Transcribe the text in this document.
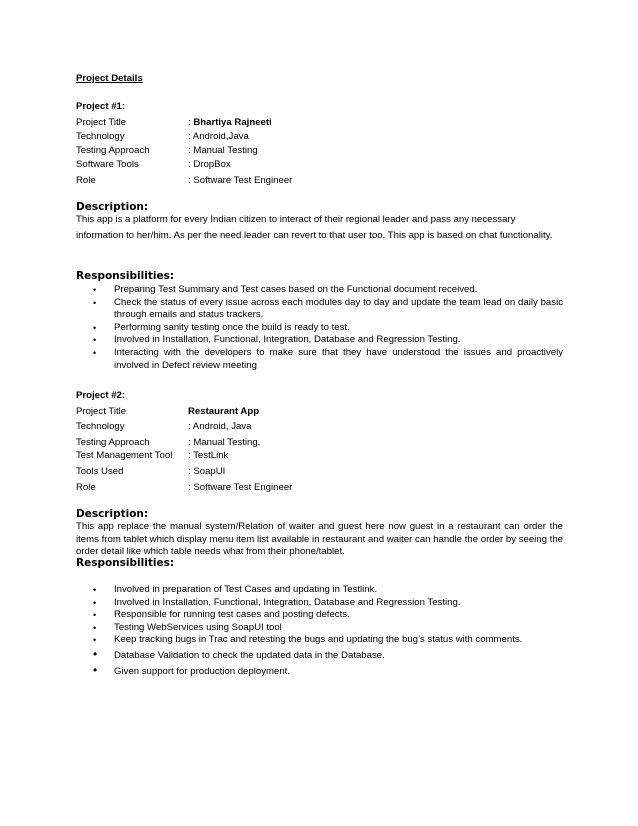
Project Details
Project #1:
Project Title	: Bhartiya Rajneeti
Technology	: Android,Java
Testing Approach	: Manual Testing
Software Tools	: DropBox
Role	: Software Test Engineer
Description:
This app is a platform for every Indian citizen to interact of their regional leader and pass any necessary information to her/him. As per the need leader can revert to that user too. This app is based on chat functionality.
Responsibilities:
• Preparing Test Summary and Test cases based on the Functional document received.
• Check the status of every issue across each modules day to day and update the team lead on daily basic through emails and status trackers.
• Performing sanity testing once the build is ready to test.
• Involved in Installation, Functional, Integration, Database and Regression Testing.
• Interacting with the developers to make sure that they have understood the issues and proactively involved in Defect review meeting
Project #2:
Project Title	Restaurant App
Technology	: Android, Java
Testing Approach	: Manual Testing,
Test Management Tool : TestLink
Tools Used	: SoapUI
Role	: Software Test Engineer
Description:
This app replace the manual system/Relation of waiter and guest here now guest in a restaurant can order the items from tablet which display menu item list available in restaurant and waiter can handle the order by seeing the order detail like which table needs what from their phone/tablet.
Responsibilities:
• Involved in preparation of Test Cases and updating in Testlink.
• Involved in Installation, Functional, Integration, Database and Regression Testing.
• Responsible for running test cases and posting defects.
• Testing WebServices using SoapUI tool
• Keep tracking bugs in Trac and retesting the bugs and updating the bug’s status with comments.
• Database Validation to check the updated data in the Database.
• Given support for production deployment.
